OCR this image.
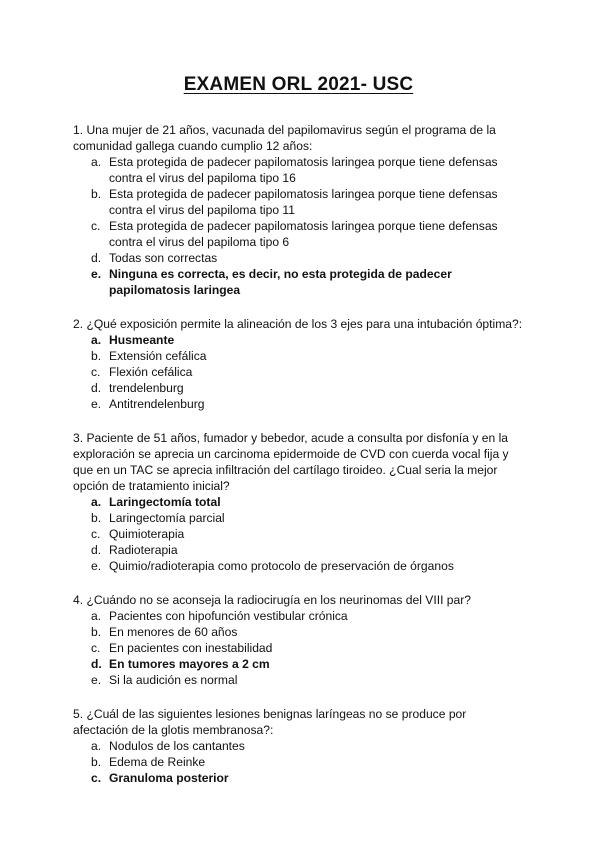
EXAMEN ORL 2021- USC

1. Una mujer de 21 años, vacunada del papilomavirus según el programa de la comunidad gallega cuando cumplio 12 años:

a. Esta protegida de padecer papilomatosis laringea porque tiene defensas contra el virus del papiloma tipo 16
b. Esta protegida de padecer papilomatosis laringea porque tiene defensas contra el virus del papiloma tipo 11
c. Esta protegida de padecer papilomatosis laringea porque tiene defensas contra el virus del papiloma tipo 6
d. Todas son correctas
e. Ninguna es correcta, es decir, no esta protegida de padecer papilomatosis laringea

2. ¿Qué exposición permite la alineación de los 3 ejes para una intubación óptima?:

a. Husmeante
b. Extensión cefálica
c. Flexión cefálica
d. trendelenburg
e. Antitrendelenburg

3. Paciente de 51 años, fumador y bebedor, acude a consulta por disfonía y en la exploración se aprecia un carcinoma epidermoide de CVD con cuerda vocal fija y que en un TAC se aprecia infiltración del cartílago tiroideo. ¿Cual seria la mejor opción de tratamiento inicial?

a. Laringectomía total
b. Laringectomía parcial
c. Quimioterapia
d. Radioterapia
e. Quimio/radioterapia como protocolo de preservación de órganos

4. ¿Cuándo no se aconseja la radiocirugía en los neurinomas del VIII par?

a. Pacientes con hipofunción vestibular crónica
b. En menores de 60 años
c. En pacientes con inestabilidad
d. En tumores mayores a 2 cm
e. Si la audición es normal

5. ¿Cuál de las siguientes lesiones benignas laríngeas no se produce por afectación de la glotis membranosa?:

a. Nodulos de los cantantes
b. Edema de Reinke
c. Granuloma posterior
